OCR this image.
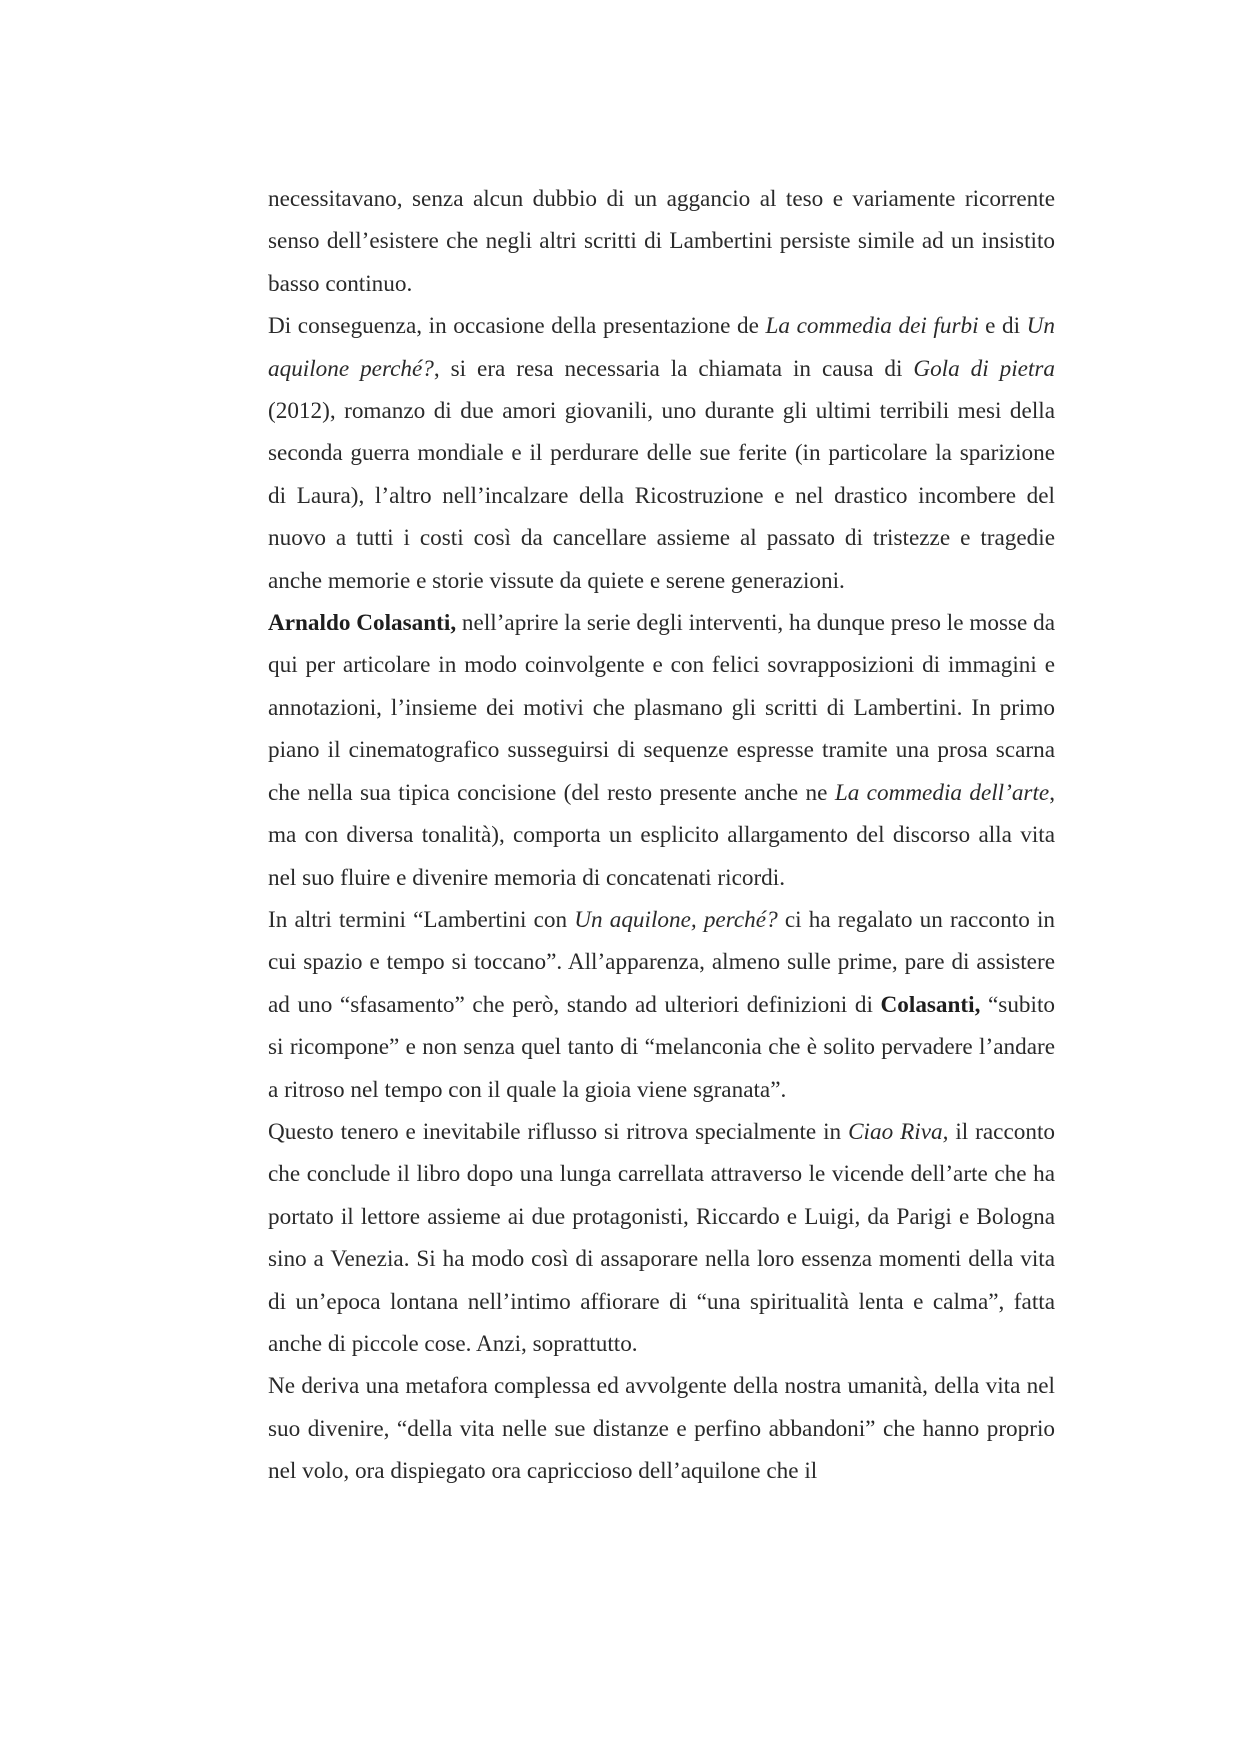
necessitavano, senza alcun dubbio di un aggancio al teso e variamente ricorrente senso dell’esistere che negli altri scritti di Lambertini persiste simile ad un insistito basso continuo.

Di conseguenza, in occasione della presentazione de La commedia dei furbi e di Un aquilone perché?, si era resa necessaria la chiamata in causa di Gola di pietra (2012), romanzo di due amori giovanili, uno durante gli ultimi terribili mesi della seconda guerra mondiale e il perdurare delle sue ferite (in particolare la sparizione di Laura), l’altro nell’incalzare della Ricostruzione e nel drastico incombere del nuovo a tutti i costi così da cancellare assieme al passato di tristezze e tragedie anche memorie e storie vissute da quiete e serene generazioni.

Arnaldo Colasanti, nell’aprire la serie degli interventi, ha dunque preso le mosse da qui per articolare in modo coinvolgente e con felici sovrapposizioni di immagini e annotazioni, l’insieme dei motivi che plasmano gli scritti di Lambertini. In primo piano il cinematografico susseguirsi di sequenze espresse tramite una prosa scarna che nella sua tipica concisione (del resto presente anche ne La commedia dell’arte, ma con diversa tonalità), comporta un esplicito allargamento del discorso alla vita nel suo fluire e divenire memoria di concatenati ricordi.

In altri termini “Lambertini con Un aquilone, perché? ci ha regalato un racconto in cui spazio e tempo si toccano”. All’apparenza, almeno sulle prime, pare di assistere ad uno “sfasamento” che però, stando ad ulteriori definizioni di Colasanti, “subito si ricompone” e non senza quel tanto di “melanconia che è solito pervadere l’andare a ritroso nel tempo con il quale la gioia viene sgranata”.

Questo tenero e inevitabile riflusso si ritrova specialmente in Ciao Riva, il racconto che conclude il libro dopo una lunga carrellata attraverso le vicende dell’arte che ha portato il lettore assieme ai due protagonisti, Riccardo e Luigi, da Parigi e Bologna sino a Venezia. Si ha modo così di assaporare nella loro essenza momenti della vita di un’epoca lontana nell’intimo affiorare di “una spiritualità lenta e calma”, fatta anche di piccole cose. Anzi, soprattutto.

Ne deriva una metafora complessa ed avvolgente della nostra umanità, della vita nel suo divenire, “della vita nelle sue distanze e perfino abbandoni” che hanno proprio nel volo, ora dispiegato ora capriccioso dell’aquilone che il
